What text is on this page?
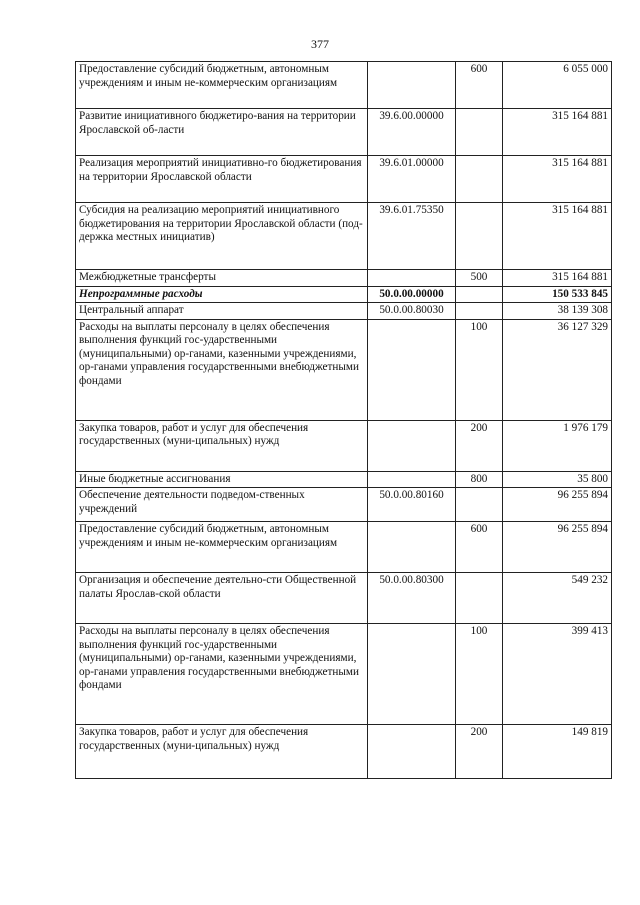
377
Предоставление субсидий бюджетным, автономным учреждениям и иным не-коммерческим организациям		600	6 055 000
Развитие инициативного бюджетиро-вания на территории Ярославской об-ласти	39.6.00.00000		315 164 881
Реализация мероприятий инициативно-го бюджетирования на территории Ярославской области	39.6.01.00000		315 164 881
Субсидия на реализацию мероприятий инициативного бюджетирования на территории Ярославской области (под-держка местных инициатив)	39.6.01.75350		315 164 881
Межбюджетные трансферты		500	315 164 881
Непрограммные расходы	50.0.00.00000		150 533 845
Центральный аппарат	50.0.00.80030		38 139 308
Расходы на выплаты персоналу в целях обеспечения выполнения функций гос-ударственными (муниципальными) ор-ганами, казенными учреждениями, ор-ганами управления государственными внебюджетными фондами		100	36 127 329
Закупка товаров, работ и услуг для обеспечения государственных (муни-ципальных) нужд		200	1 976 179
Иные бюджетные ассигнования		800	35 800
Обеспечение деятельности подведом-ственных учреждений	50.0.00.80160		96 255 894
Предоставление субсидий бюджетным, автономным учреждениям и иным не-коммерческим организациям		600	96 255 894
Организация и обеспечение деятельно-сти Общественной палаты Ярослав-ской области	50.0.00.80300		549 232
Расходы на выплаты персоналу в целях обеспечения выполнения функций гос-ударственными (муниципальными) ор-ганами, казенными учреждениями, ор-ганами управления государственными внебюджетными фондами		100	399 413
Закупка товаров, работ и услуг для обеспечения государственных (муни-ципальных) нужд		200	149 819
